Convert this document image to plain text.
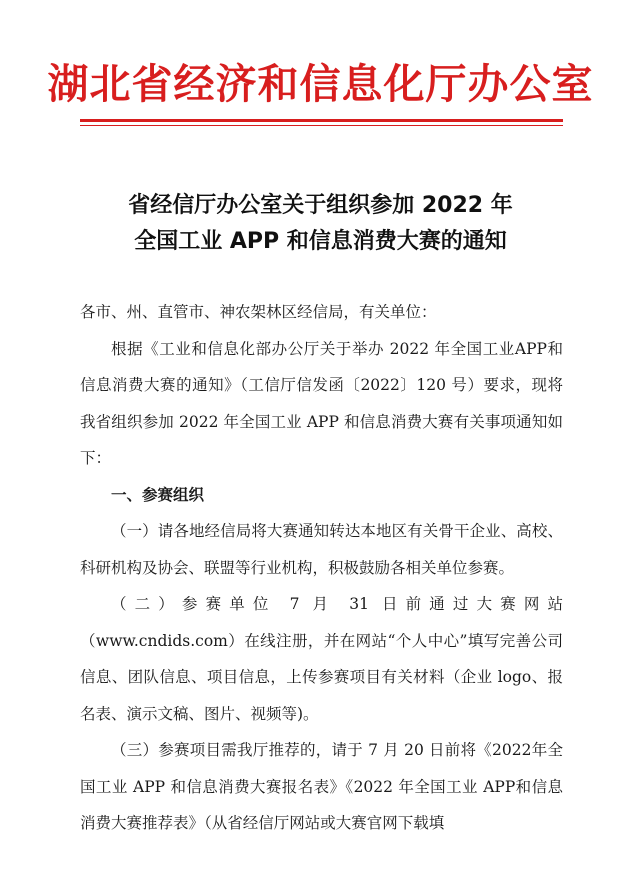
湖北省经济和信息化厅办公室
省经信厅办公室关于组织参加 2022 年
全国工业 APP 和信息消费大赛的通知

各市、州、直管市、神农架林区经信局，有关单位：

根据《工业和信息化部办公厅关于举办 2022 年全国工业APP和信息消费大赛的通知》（工信厅信发函〔2022〕120 号）要求，现将我省组织参加 2022 年全国工业 APP 和信息消费大赛有关事项通知如下：

一、参赛组织

（一）请各地经信局将大赛通知转达本地区有关骨干企业、高校、科研机构及协会、联盟等行业机构，积极鼓励各相关单位参赛。

（二）参赛单位 7 月 31 日前通过大赛网站（www.cndids.com）在线注册，并在网站“个人中心”填写完善公司信息、团队信息、项目信息，上传参赛项目有关材料（企业 logo、报名表、演示文稿、图片、视频等)。

（三）参赛项目需我厅推荐的，请于 7 月 20 日前将《2022年全国工业 APP 和信息消费大赛报名表》《2022 年全国工业 APP和信息消费大赛推荐表》（从省经信厅网站或大赛官网下载填
